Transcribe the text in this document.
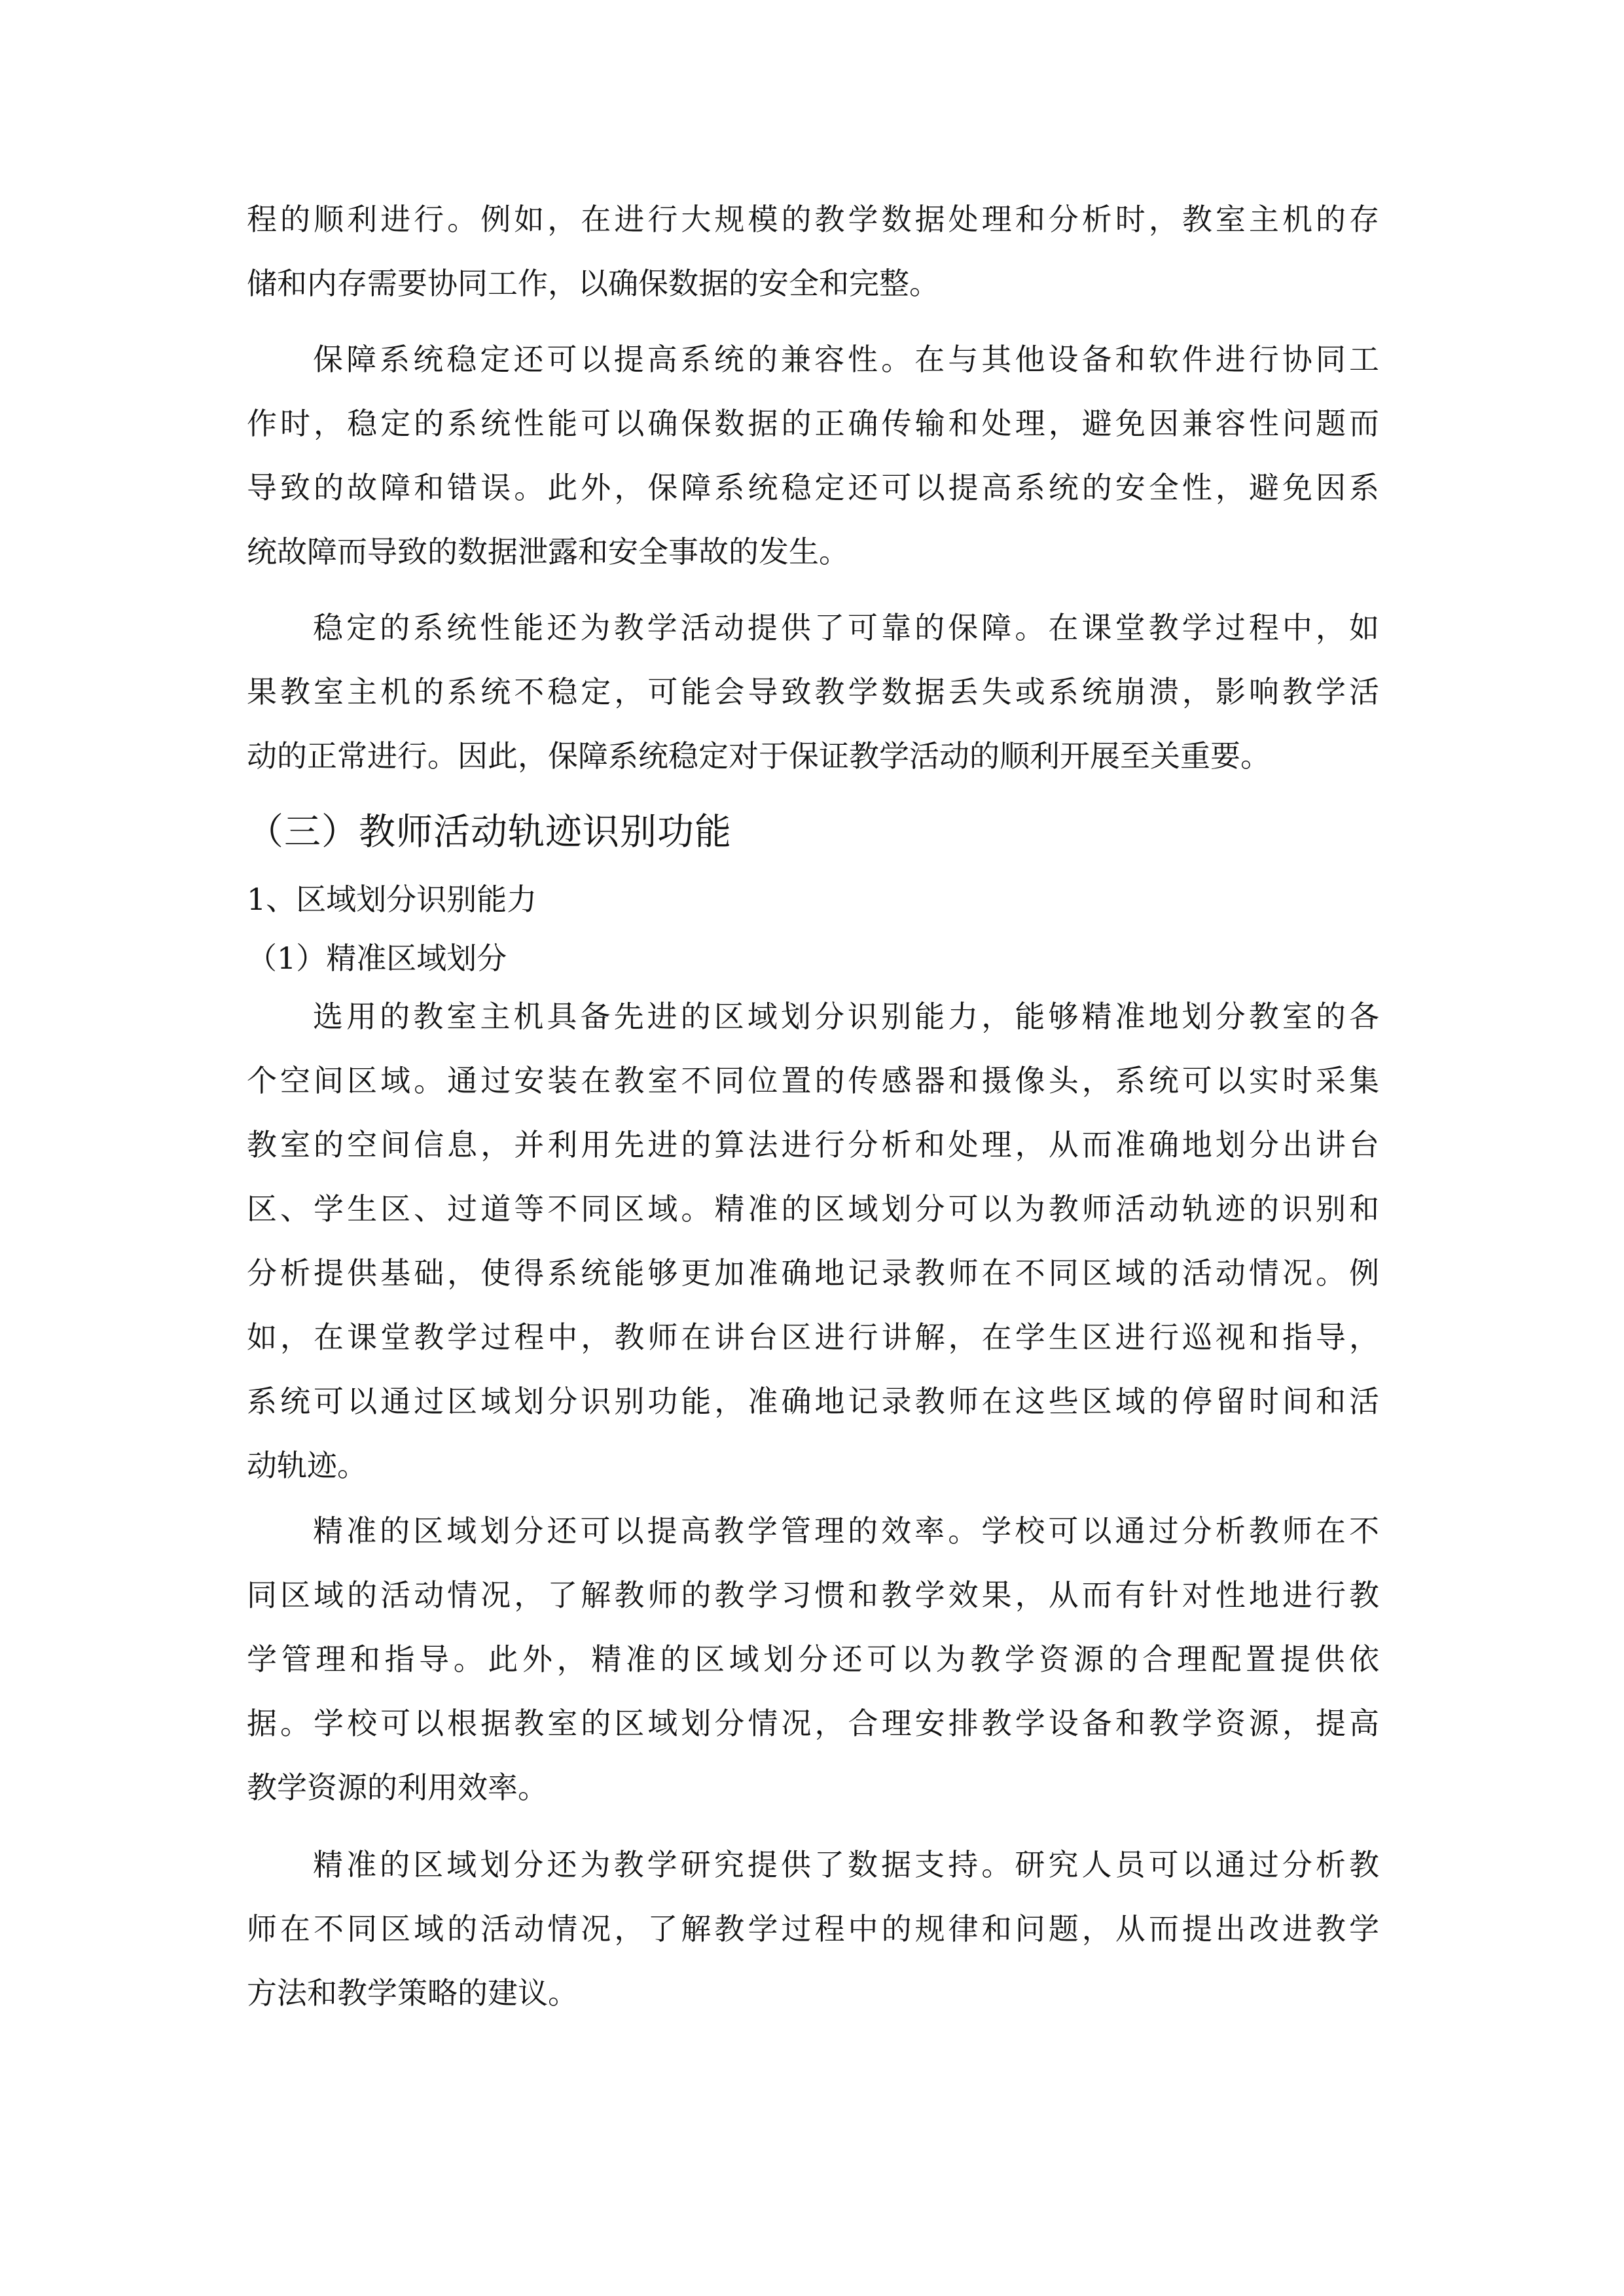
程的顺利进行。例如，在进行大规模的教学数据处理和分析时，教室主机的存
储和内存需要协同工作，以确保数据的安全和完整。
保障系统稳定还可以提高系统的兼容性。在与其他设备和软件进行协同工
作时，稳定的系统性能可以确保数据的正确传输和处理，避免因兼容性问题而
导致的故障和错误。此外，保障系统稳定还可以提高系统的安全性，避免因系
统故障而导致的数据泄露和安全事故的发生。
稳定的系统性能还为教学活动提供了可靠的保障。在课堂教学过程中，如
果教室主机的系统不稳定，可能会导致教学数据丢失或系统崩溃，影响教学活
动的正常进行。因此，保障系统稳定对于保证教学活动的顺利开展至关重要。
（三）教师活动轨迹识别功能
1、区域划分识别能力
（1）精准区域划分
选用的教室主机具备先进的区域划分识别能力，能够精准地划分教室的各
个空间区域。通过安装在教室不同位置的传感器和摄像头，系统可以实时采集
教室的空间信息，并利用先进的算法进行分析和处理，从而准确地划分出讲台
区、学生区、过道等不同区域。精准的区域划分可以为教师活动轨迹的识别和
分析提供基础，使得系统能够更加准确地记录教师在不同区域的活动情况。例
如，在课堂教学过程中，教师在讲台区进行讲解，在学生区进行巡视和指导，
系统可以通过区域划分识别功能，准确地记录教师在这些区域的停留时间和活
动轨迹。
精准的区域划分还可以提高教学管理的效率。学校可以通过分析教师在不
同区域的活动情况，了解教师的教学习惯和教学效果，从而有针对性地进行教
学管理和指导。此外，精准的区域划分还可以为教学资源的合理配置提供依
据。学校可以根据教室的区域划分情况，合理安排教学设备和教学资源，提高
教学资源的利用效率。
精准的区域划分还为教学研究提供了数据支持。研究人员可以通过分析教
师在不同区域的活动情况，了解教学过程中的规律和问题，从而提出改进教学
方法和教学策略的建议。
